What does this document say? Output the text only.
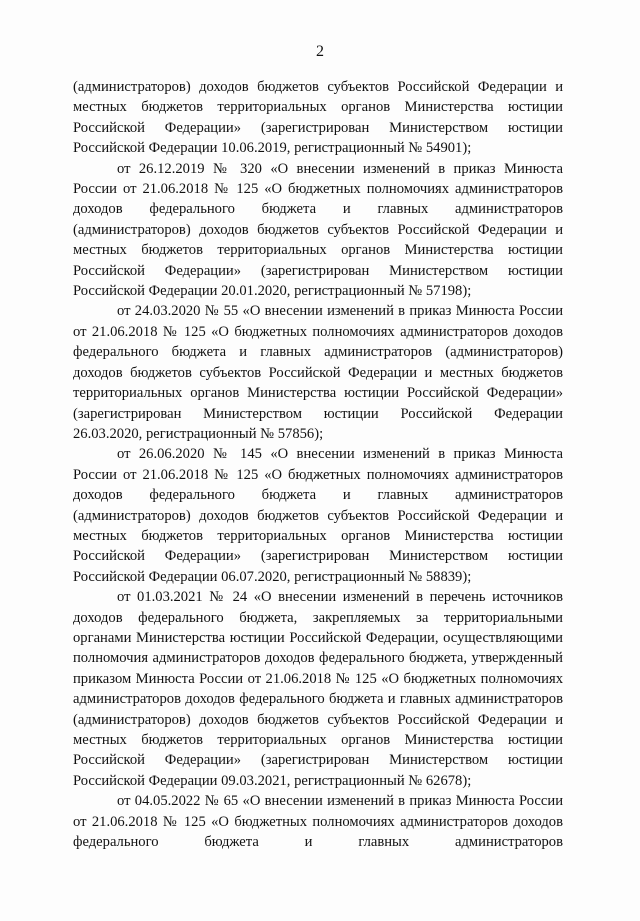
2

(администраторов) доходов бюджетов субъектов Российской Федерации и местных бюджетов территориальных органов Министерства юстиции Российской Федерации» (зарегистрирован Министерством юстиции Российской Федерации 10.06.2019, регистрационный № 54901);

от 26.12.2019 № 320 «О внесении изменений в приказ Минюста России от 21.06.2018 № 125 «О бюджетных полномочиях администраторов доходов федерального бюджета и главных администраторов (администраторов) доходов бюджетов субъектов Российской Федерации и местных бюджетов территориальных органов Министерства юстиции Российской Федерации» (зарегистрирован Министерством юстиции Российской Федерации 20.01.2020, регистрационный № 57198);

от 24.03.2020 № 55 «О внесении изменений в приказ Минюста России от 21.06.2018 № 125 «О бюджетных полномочиях администраторов доходов федерального бюджета и главных администраторов (администраторов) доходов бюджетов субъектов Российской Федерации и местных бюджетов территориальных органов Министерства юстиции Российской Федерации» (зарегистрирован Министерством юстиции Российской Федерации 26.03.2020, регистрационный № 57856);

от 26.06.2020 № 145 «О внесении изменений в приказ Минюста России от 21.06.2018 № 125 «О бюджетных полномочиях администраторов доходов федерального бюджета и главных администраторов (администраторов) доходов бюджетов субъектов Российской Федерации и местных бюджетов территориальных органов Министерства юстиции Российской Федерации» (зарегистрирован Министерством юстиции Российской Федерации 06.07.2020, регистрационный № 58839);

от 01.03.2021 № 24 «О внесении изменений в перечень источников доходов федерального бюджета, закрепляемых за территориальными органами Министерства юстиции Российской Федерации, осуществляющими полномочия администраторов доходов федерального бюджета, утвержденный приказом Минюста России от 21.06.2018 № 125 «О бюджетных полномочиях администраторов доходов федерального бюджета и главных администраторов (администраторов) доходов бюджетов субъектов Российской Федерации и местных бюджетов территориальных органов Министерства юстиции Российской Федерации» (зарегистрирован Министерством юстиции Российской Федерации 09.03.2021, регистрационный № 62678);

от 04.05.2022 № 65 «О внесении изменений в приказ Минюста России от 21.06.2018 № 125 «О бюджетных полномочиях администраторов доходов федерального бюджета и главных администраторов
